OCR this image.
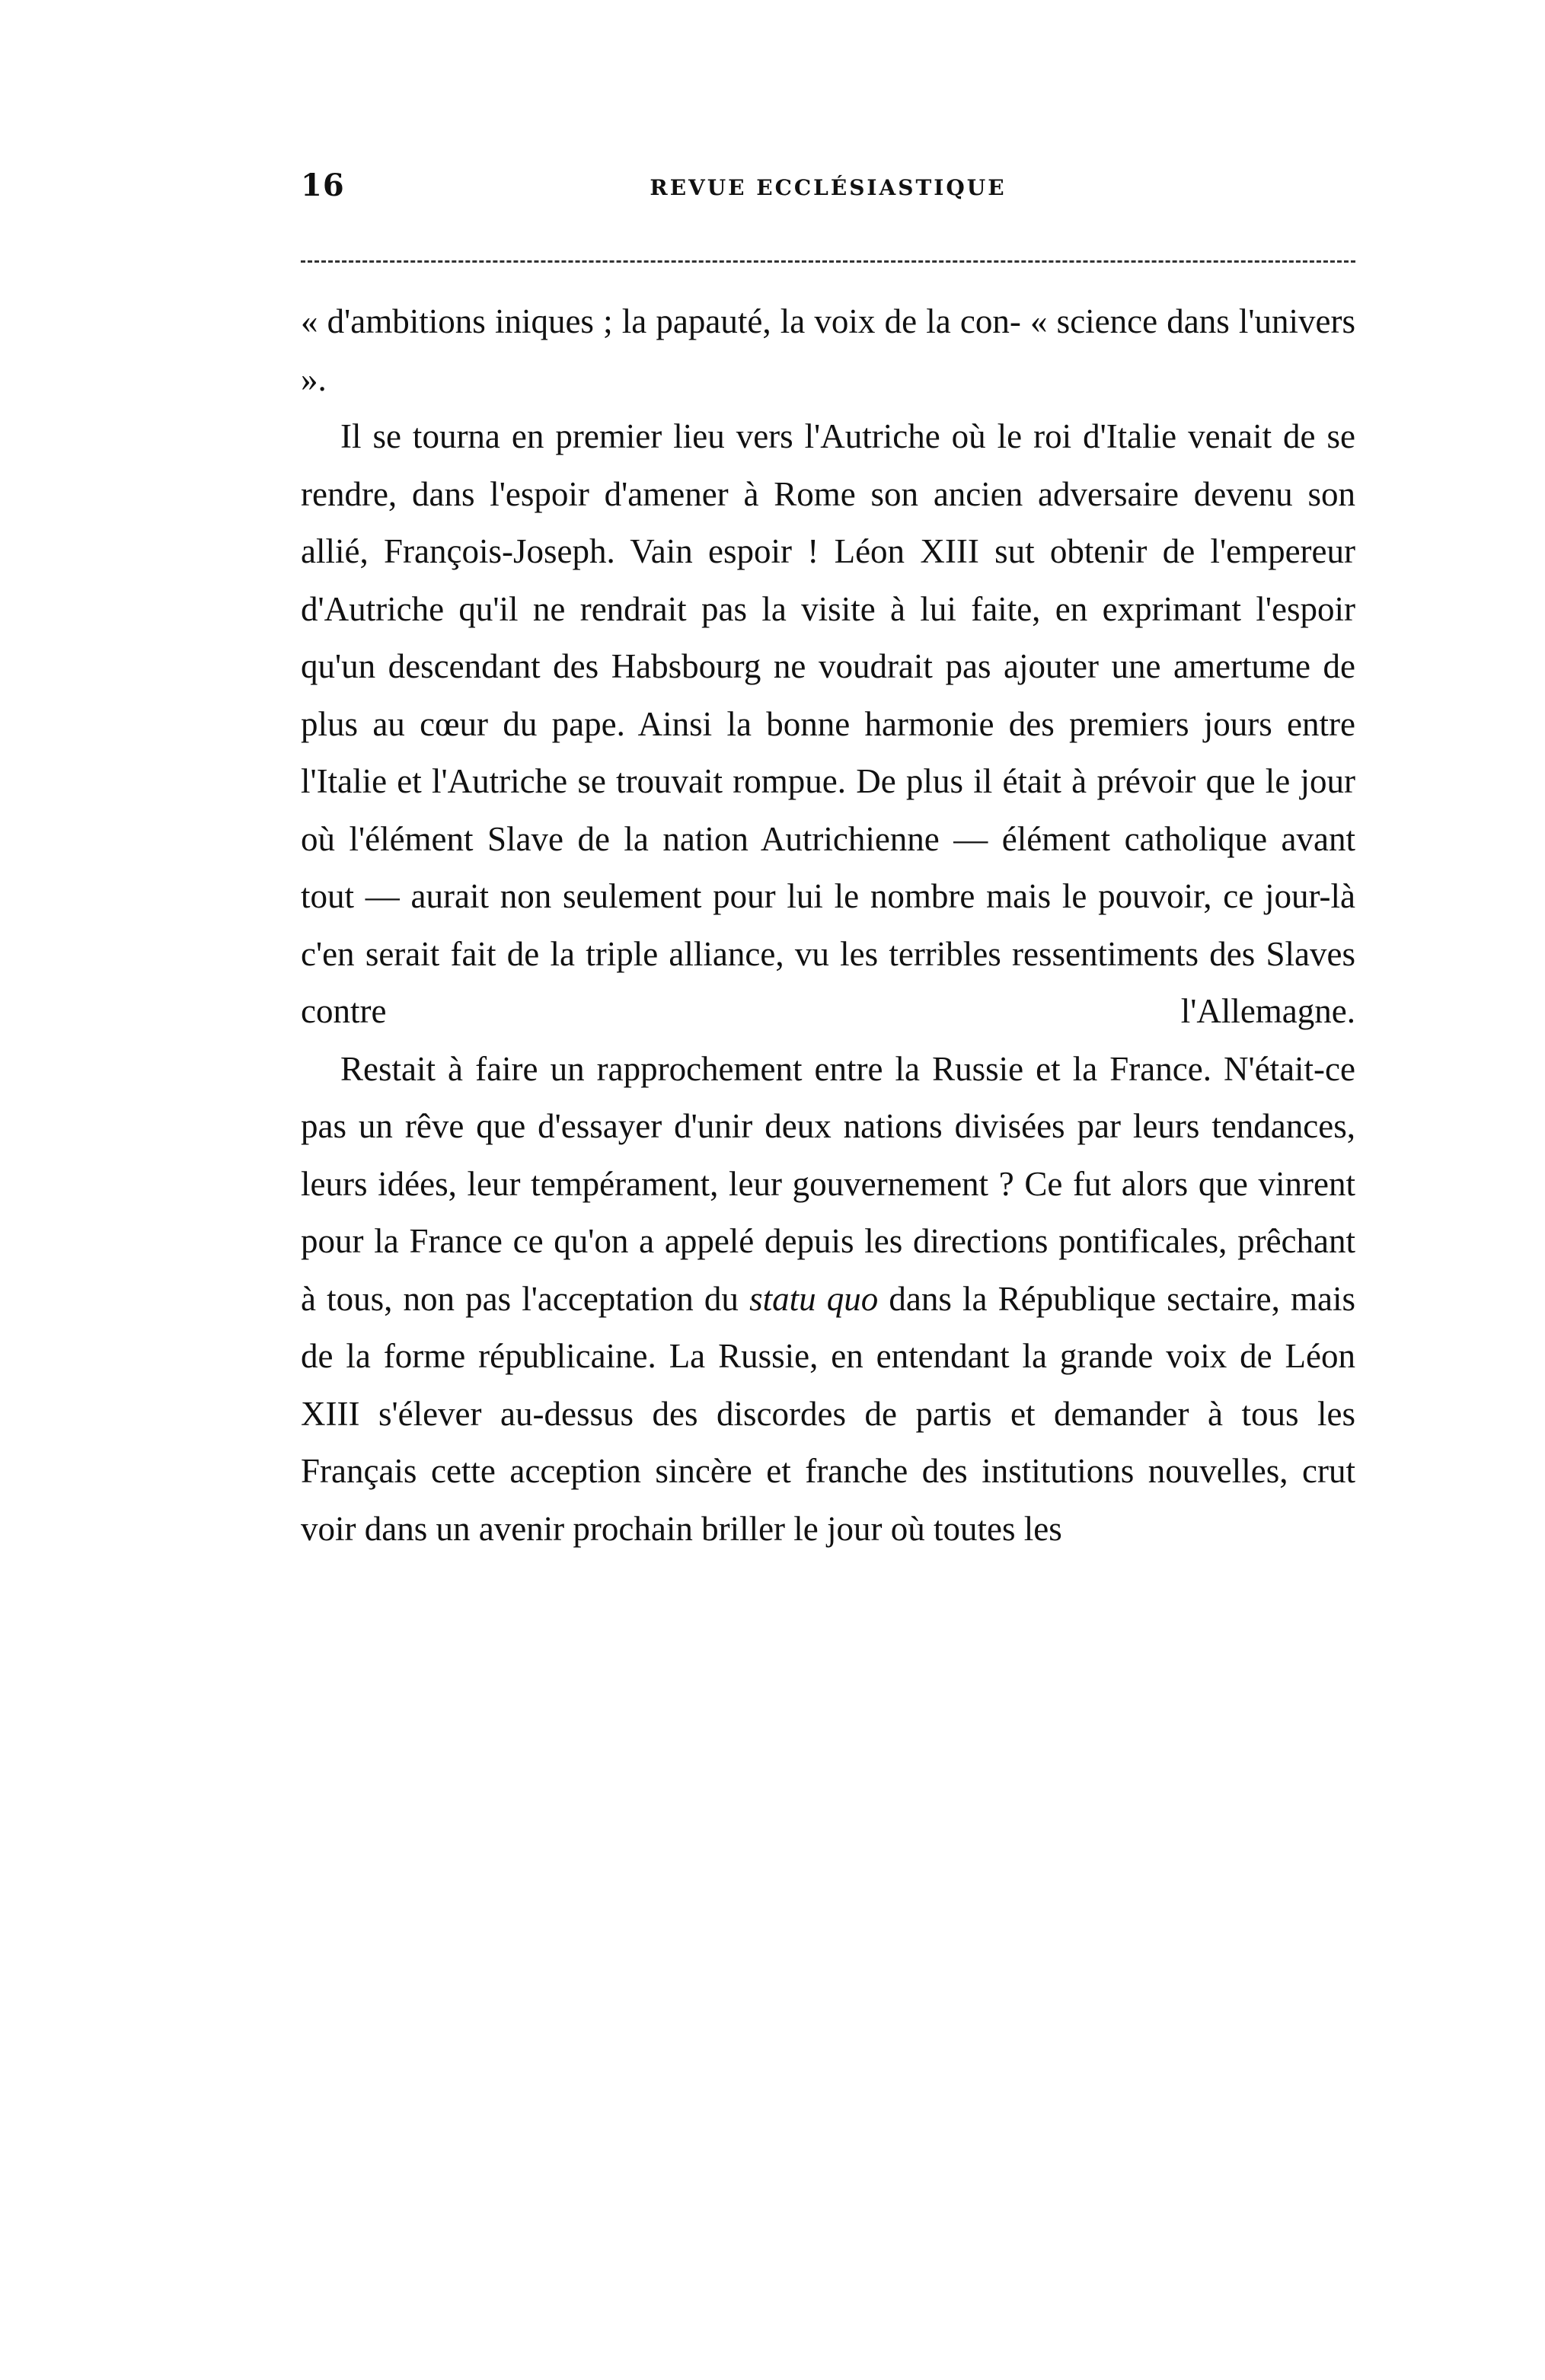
16	REVUE ECCLÉSIASTIQUE

« d'ambitions iniques ; la papauté, la voix de la con- « science dans l'univers ».

Il se tourna en premier lieu vers l'Autriche où le roi d'Italie venait de se rendre, dans l'espoir d'amener à Rome son ancien adversaire devenu son allié, François-Joseph. Vain espoir ! Léon XIII sut obtenir de l'empereur d'Autriche qu'il ne rendrait pas la visite à lui faite, en exprimant l'espoir qu'un descendant des Habsbourg ne voudrait pas ajouter une amertume de plus au cœur du pape. Ainsi la bonne harmonie des premiers jours entre l'Italie et l'Autriche se trouvait rompue. De plus il était à prévoir que le jour où l'élément Slave de la nation Autrichienne — élément catholique avant tout — aurait non seulement pour lui le nombre mais le pouvoir, ce jour-là c'en serait fait de la triple alliance, vu les terribles ressentiments des Slaves contre l'Allemagne.

Restait à faire un rapprochement entre la Russie et la France. N'était-ce pas un rêve que d'essayer d'unir deux nations divisées par leurs tendances, leurs idées, leur tempérament, leur gouvernement ? Ce fut alors que vinrent pour la France ce qu'on a appelé depuis les directions pontificales, prêchant à tous, non pas l'acceptation du statu quo dans la République sectaire, mais de la forme républicaine. La Russie, en entendant la grande voix de Léon XIII s'élever au-dessus des discordes de partis et demander à tous les Français cette acception sincère et franche des institutions nouvelles, crut voir dans un avenir prochain briller le jour où toutes les
